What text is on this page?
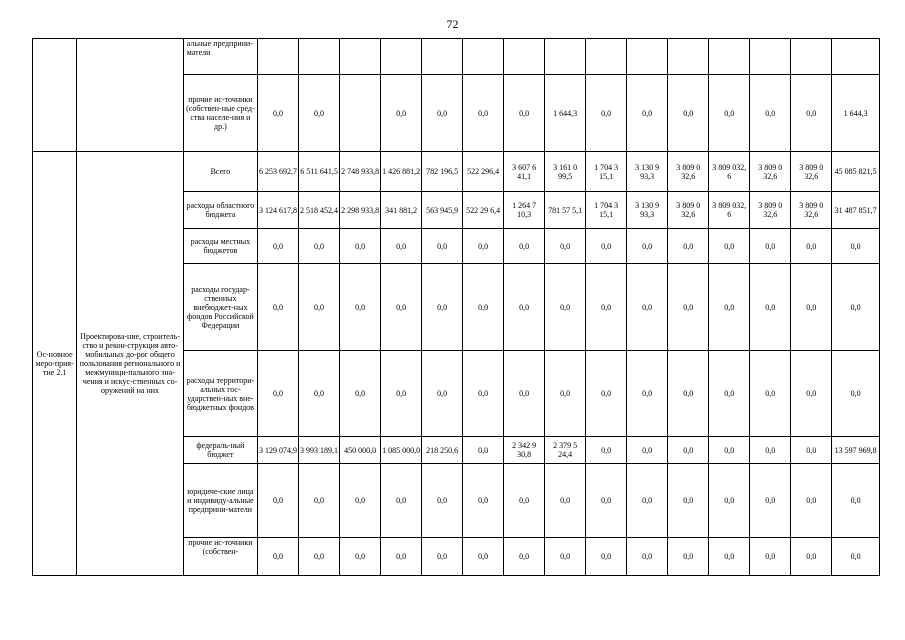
72
		альные предприни-матели															
		прочие ис-точники (собствен-ные сред-ства населе-ния и др.)	0,0	0,0		0,0	0,0	0,0	0,0	1 644,3	0,0	0,0	0,0	0,0	0,0	0,0	1 644,3
Ос-новное меро-прия-тие 2.1	Проектирова-ние, строитель-ство и рекон-струкция авто-мобильных до-рог общего пользования регионального и межмуници-пального зна-чения и искус-ственных со-оружений на них	Всего	6 253 692,7	6 511 641,5	2 748 933,8	1 426 881,2	782 196,5	522 296,4	3 607 6 41,1	3 161 0 99,5	1 704 3 15,1	3 130 9 93,3	3 809 0 32,6	3 809 032, 6	3 809 0 32,6	3 809 0 32,6	45 085 821,5
		расходы областного бюджета	3 124 617,8	2 518 452,4	2 298 933,8	341 881,2	563 945,9	522 29 6,4	1 264 7 10,3	781 57 5,1	1 704 3 15,1	3 130 9 93,3	3 809 0 32,6	3 809 032, 6	3 809 0 32,6	3 809 0 32,6	31 487 851,7
		расходы местных бюджетов	0,0	0,0	0,0	0,0	0,0	0,0	0,0	0,0	0,0	0,0	0,0	0,0	0,0	0,0	0,0
		расходы государ-ственных внебюджет-ных фондов Российской Федерации	0,0	0,0	0,0	0,0	0,0	0,0	0,0	0,0	0,0	0,0	0,0	0,0	0,0	0,0	0,0
		расходы территори-альных гос-ударствен-ных вне-бюджетных фондов	0,0	0,0	0,0	0,0	0,0	0,0	0,0	0,0	0,0	0,0	0,0	0,0	0,0	0,0	0,0
		федераль-ный бюджет	3 129 074,9	3 993 189,1	450 000,0	1 085 000,0	218 250,6	0,0	2 342 9 30,8	2 379 5 24,4	0,0	0,0	0,0	0,0	0,0	0,0	13 597 969,8
		юридиче-ские лица и индивиду-альные предприни-матели	0,0	0,0	0,0	0,0	0,0	0,0	0,0	0,0	0,0	0,0	0,0	0,0	0,0	0,0	0,0
		прочие ис-точники (собствен-	0,0	0,0	0,0	0,0	0,0	0,0	0,0	0,0	0,0	0,0	0,0	0,0	0,0	0,0	0,0
